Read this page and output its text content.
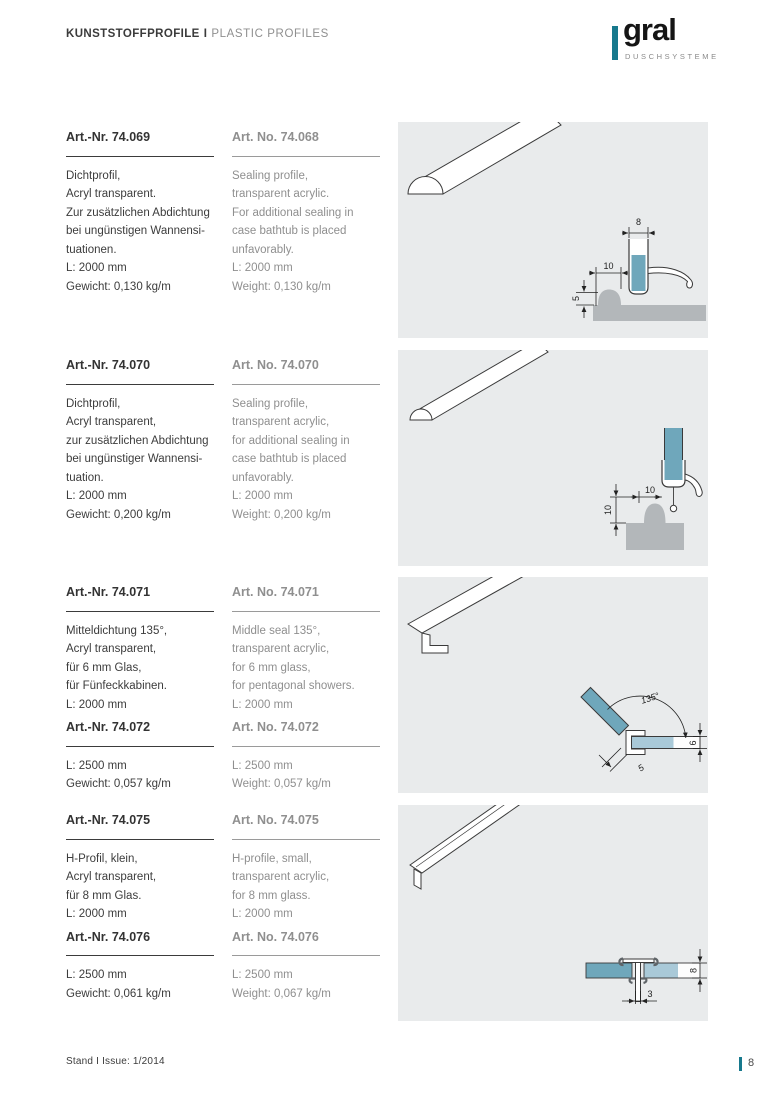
KUNSTSTOFFPROFILE I PLASTIC PROFILES	gral
DUSCHSYSTEME
Art.-Nr. 74.069
Dichtprofil,
Acryl transparent.
Zur zusätzlichen Abdichtung
bei ungünstigen Wannensi-
tuationen.
L: 2000 mm
Gewicht: 0,130 kg/m
Art. No. 74.068
Sealing profile,
transparent acrylic.
For additional sealing in
case bathtub is placed
unfavorably.
L: 2000 mm
Weight: 0,130 kg/m
8
10
5
Art.-Nr. 74.070
Dichtprofil,
Acryl transparent,
zur zusätzlichen Abdichtung
bei ungünstiger Wannensi-
tuation.
L: 2000 mm
Gewicht: 0,200 kg/m
Art. No. 74.070
Sealing profile,
transparent acrylic,
for additional sealing in
case bathtub is placed
unfavorably.
L: 2000 mm
Weight: 0,200 kg/m
10
10
Art.-Nr. 74.071
Mitteldichtung 135°,
Acryl transparent,
für 6 mm Glas,
für Fünfeckkabinen.
L: 2000 mm
Art.-Nr. 74.072
L: 2500 mm
Gewicht: 0,057 kg/m
Art. No. 74.071
Middle seal 135°,
transparent acrylic,
for 6 mm glass,
for pentagonal showers.
L: 2000 mm
Art. No. 74.072
L: 2500 mm
Weight: 0,057 kg/m
135°
6
5
Art.-Nr. 74.075
H-Profil, klein,
Acryl transparent,
für 8 mm Glas.
L: 2000 mm
Art.-Nr. 74.076
L: 2500 mm
Gewicht: 0,061 kg/m
Art. No. 74.075
H-profile, small,
transparent acrylic,
for 8 mm glass.
L: 2000 mm
Art. No. 74.076
L: 2500 mm
Weight: 0,067 kg/m
8
3
Stand I Issue: 1/2014	8
